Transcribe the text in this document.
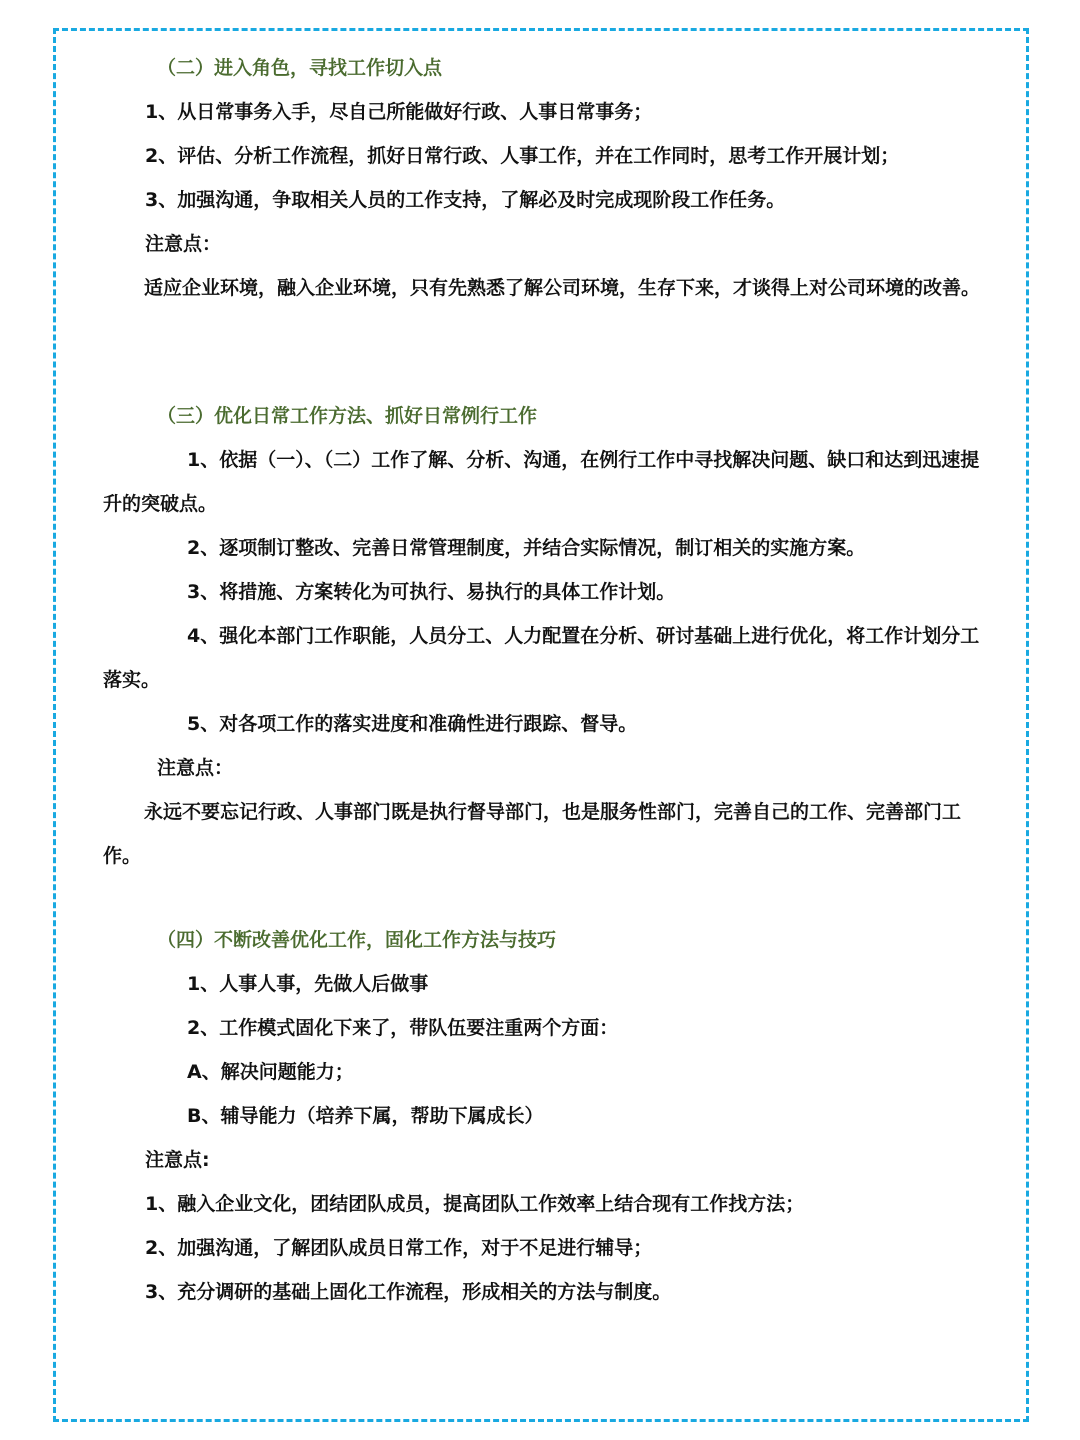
（二）进入角色，寻找工作切入点

1、从日常事务入手，尽自己所能做好行政、人事日常事务；

2、评估、分析工作流程，抓好日常行政、人事工作，并在工作同时，思考工作开展计划；

3、加强沟通，争取相关人员的工作支持，了解必及时完成现阶段工作任务。

注意点：

适应企业环境，融入企业环境，只有先熟悉了解公司环境，生存下来，才谈得上对公司环境的改善。

（三）优化日常工作方法、抓好日常例行工作

1、依据（一）、（二）工作了解、分析、沟通，在例行工作中寻找解决问题、缺口和达到迅速提升的突破点。

2、逐项制订整改、完善日常管理制度，并结合实际情况，制订相关的实施方案。

3、将措施、方案转化为可执行、易执行的具体工作计划。

4、强化本部门工作职能，人员分工、人力配置在分析、研讨基础上进行优化，将工作计划分工落实。

5、对各项工作的落实进度和准确性进行跟踪、督导。

注意点：

永远不要忘记行政、人事部门既是执行督导部门，也是服务性部门，完善自己的工作、完善部门工作。

（四）不断改善优化工作，固化工作方法与技巧

1、人事人事，先做人后做事

2、工作模式固化下来了，带队伍要注重两个方面：

A、解决问题能力；

B、辅导能力（培养下属，帮助下属成长）

注意点:

1、融入企业文化，团结团队成员，提高团队工作效率上结合现有工作找方法；

2、加强沟通，了解团队成员日常工作，对于不足进行辅导；

3、充分调研的基础上固化工作流程，形成相关的方法与制度。
